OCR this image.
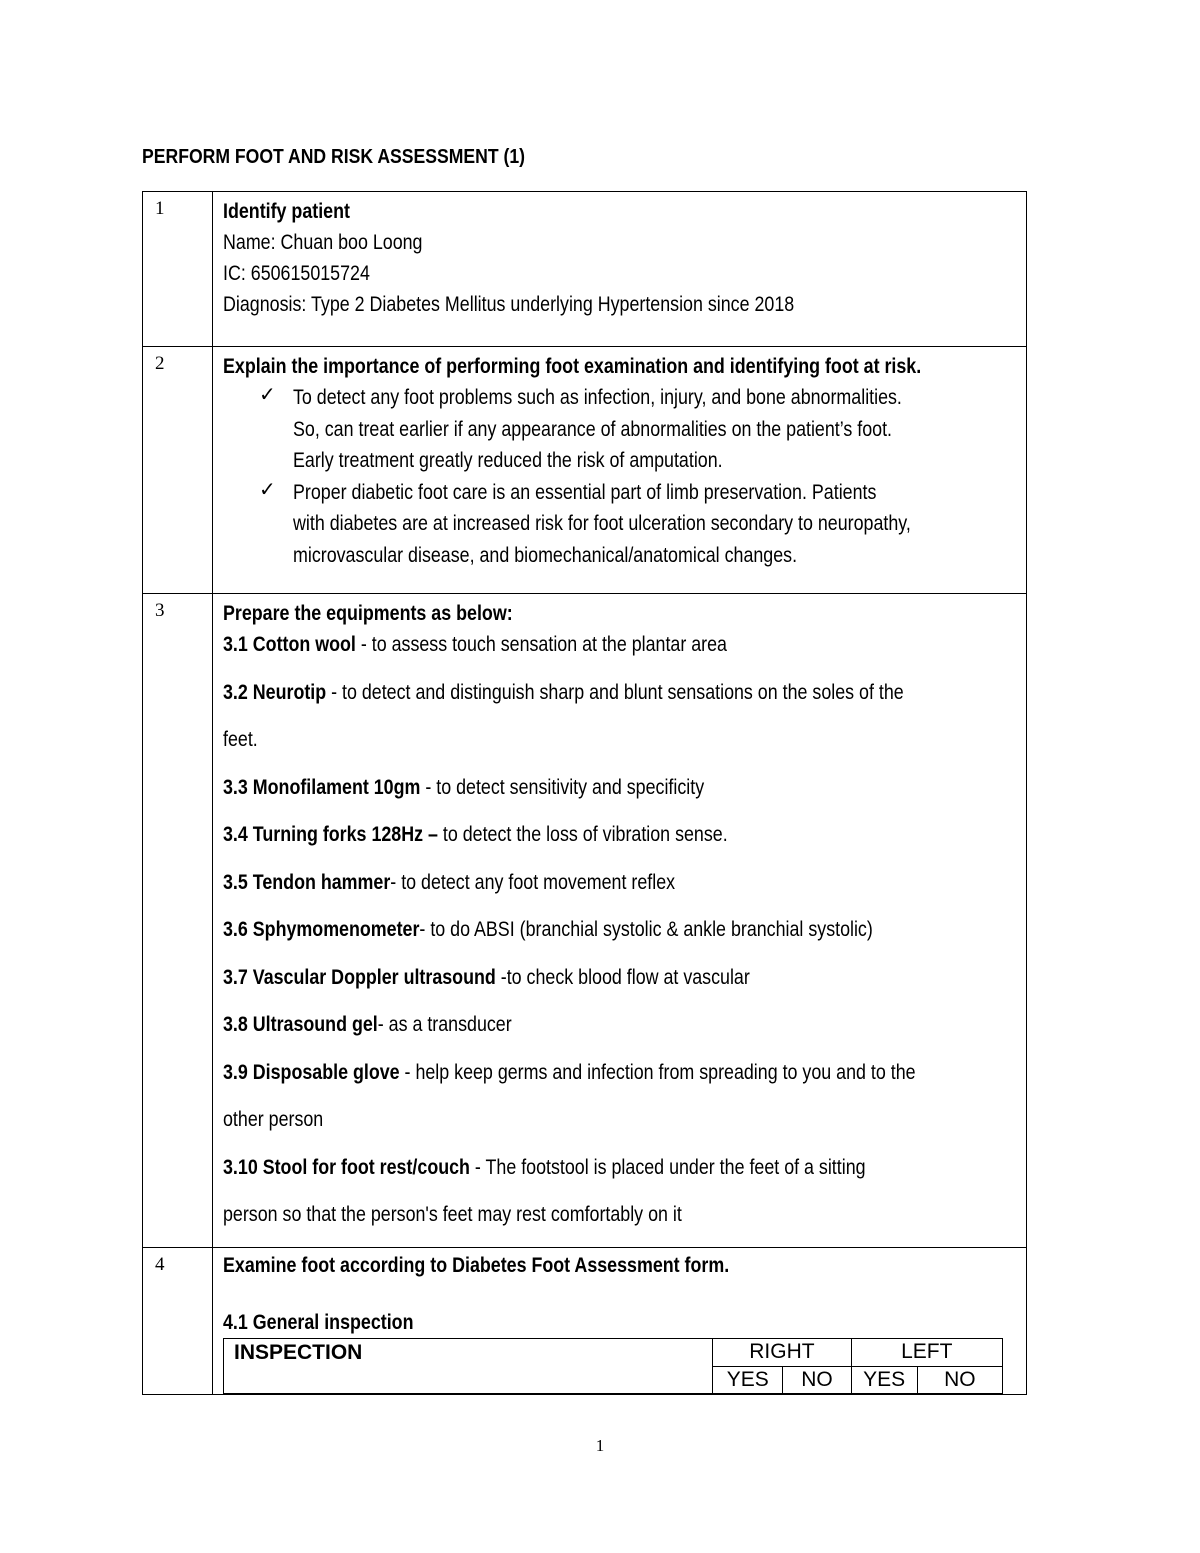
PERFORM FOOT AND RISK ASSESSMENT (1)
1	Identify patient
Name: Chuan boo Loong
IC: 650615015724
Diagnosis: Type 2 Diabetes Mellitus underlying Hypertension since 2018

2	Explain the importance of performing foot examination and identifying foot at risk.
✓ To detect any foot problems such as infection, injury, and bone abnormalities.
So, can treat earlier if any appearance of abnormalities on the patient’s foot.
Early treatment greatly reduced the risk of amputation.
✓ Proper diabetic foot care is an essential part of limb preservation. Patients
with diabetes are at increased risk for foot ulceration secondary to neuropathy,
microvascular disease, and biomechanical/anatomical changes.

3	Prepare the equipments as below:
3.1 Cotton wool - to assess touch sensation at the plantar area
3.2 Neurotip - to detect and distinguish sharp and blunt sensations on the soles of the
feet.
3.3 Monofilament 10gm - to detect sensitivity and specificity
3.4 Turning forks 128Hz – to detect the loss of vibration sense.
3.5 Tendon hammer- to detect any foot movement reflex
3.6 Sphymomenometer- to do ABSI (branchial systolic & ankle branchial systolic)
3.7 Vascular Doppler ultrasound -to check blood flow at vascular
3.8 Ultrasound gel- as a transducer
3.9 Disposable glove - help keep germs and infection from spreading to you and to the
other person
3.10 Stool for foot rest/couch - The footstool is placed under the feet of a sitting
person so that the person's feet may rest comfortably on it

4	Examine foot according to Diabetes Foot Assessment form.
4.1 General inspection
INSPECTION	RIGHT	LEFT
YES	NO	YES	NO
1
